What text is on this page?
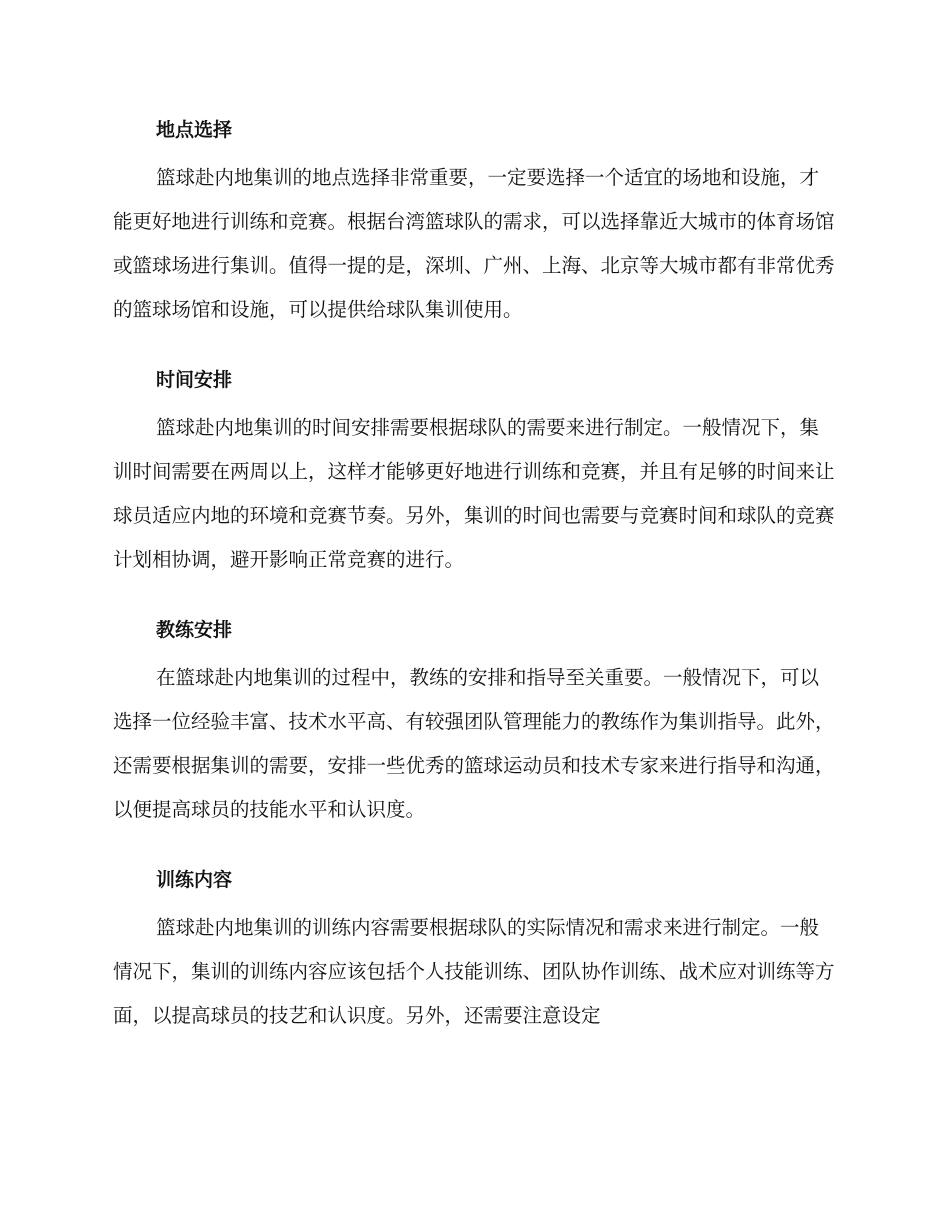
地点选择

篮球赴内地集训的地点选择非常重要，一定要选择一个适宜的场地和设施，才能更好地进行训练和竞赛。根据台湾篮球队的需求，可以选择靠近大城市的体育场馆或篮球场进行集训。值得一提的是，深圳、广州、上海、北京等大城市都有非常优秀的篮球场馆和设施，可以提供给球队集训使用。

时间安排

篮球赴内地集训的时间安排需要根据球队的需要来进行制定。一般情况下，集训时间需要在两周以上，这样才能够更好地进行训练和竞赛，并且有足够的时间来让球员适应内地的环境和竞赛节奏。另外，集训的时间也需要与竞赛时间和球队的竞赛计划相协调，避开影响正常竞赛的进行。

教练安排

在篮球赴内地集训的过程中，教练的安排和指导至关重要。一般情况下，可以选择一位经验丰富、技术水平高、有较强团队管理能力的教练作为集训指导。此外，还需要根据集训的需要，安排一些优秀的篮球运动员和技术专家来进行指导和沟通，以便提高球员的技能水平和认识度。

训练内容

篮球赴内地集训的训练内容需要根据球队的实际情况和需求来进行制定。一般情况下，集训的训练内容应该包括个人技能训练、团队协作训练、战术应对训练等方面，以提高球员的技艺和认识度。另外，还需要注意设定
